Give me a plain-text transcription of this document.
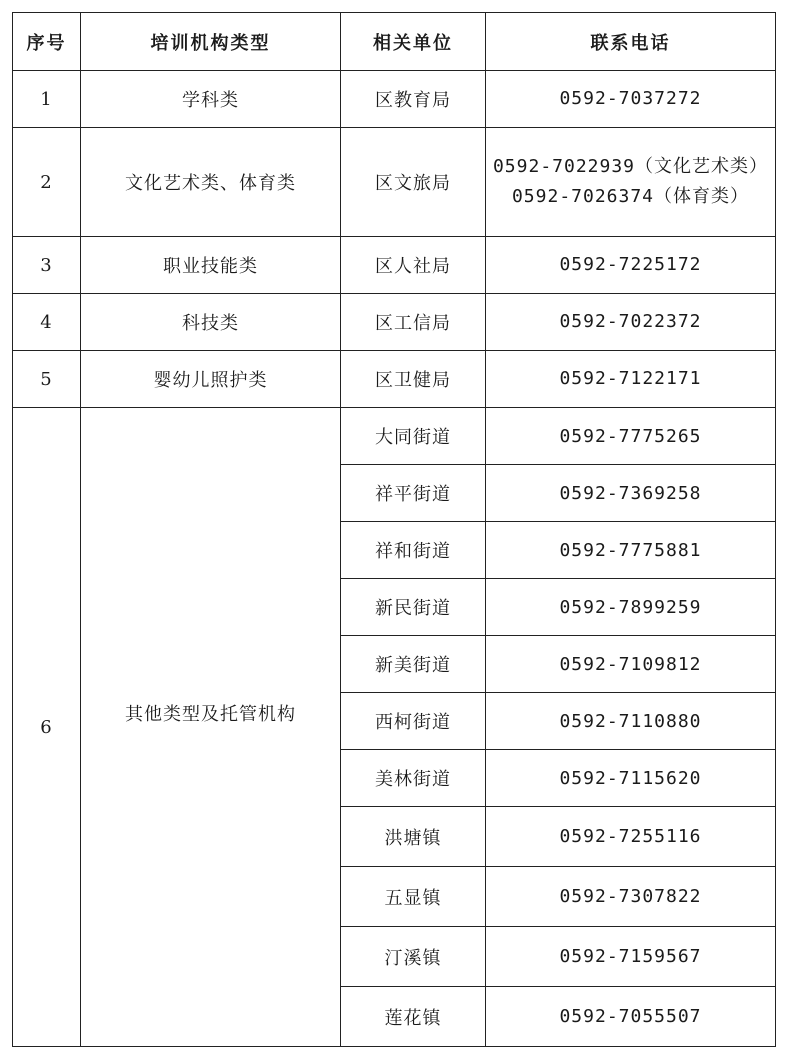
序号	培训机构类型	相关单位	联系电话
1	学科类	区教育局	0592-7037272

2	文化艺术类、体育类	区文旅局	0592-7022939（文化艺术类）
0592-7026374（体育类）

3	职业技能类	区人社局	0592-7225172

4	科技类	区工信局	0592-7022372

5	婴幼儿照护类	区卫健局	0592-7122171

6	其他类型及托管机构	大同街道	0592-7775265
		祥平街道	0592-7369258
		祥和街道	0592-7775881
		新民街道	0592-7899259
		新美街道	0592-7109812
		西柯街道	0592-7110880
		美林街道	0592-7115620
		洪塘镇	0592-7255116
		五显镇	0592-7307822
		汀溪镇	0592-7159567
		莲花镇	0592-7055507
